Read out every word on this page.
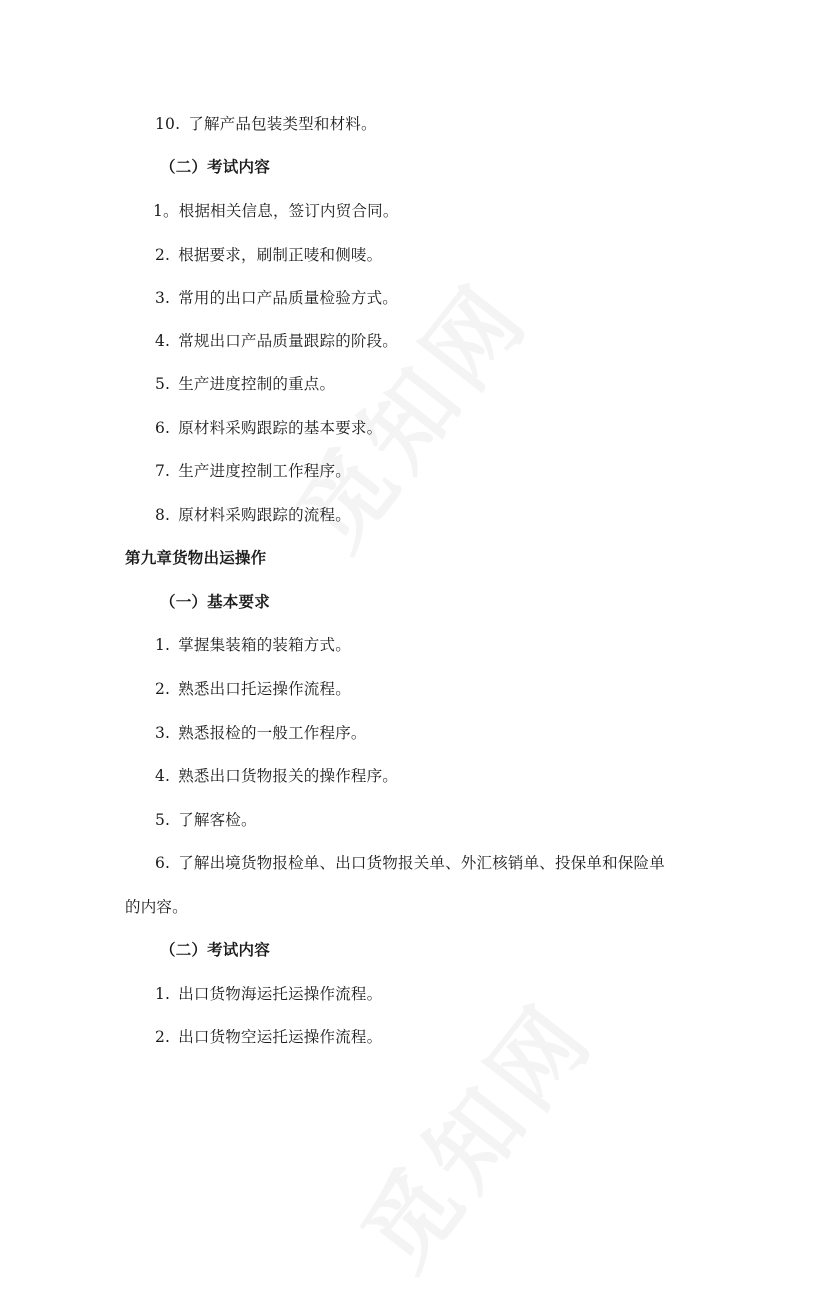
10. 了解产品包装类型和材料。
（二）考试内容
1。根据相关信息，签订内贸合同。
2. 根据要求，刷制正唛和侧唛。
3. 常用的出口产品质量检验方式。
4. 常规出口产品质量跟踪的阶段。
5. 生产进度控制的重点。
6. 原材料采购跟踪的基本要求。
7. 生产进度控制工作程序。
8. 原材料采购跟踪的流程。
第九章货物出运操作
（一）基本要求
1. 掌握集装箱的装箱方式。
2. 熟悉出口托运操作流程。
3. 熟悉报检的一般工作程序。
4. 熟悉出口货物报关的操作程序。
5. 了解客检。
6. 了解出境货物报检单、出口货物报关单、外汇核销单、投保单和保险单
的内容。
（二）考试内容
1. 出口货物海运托运操作流程。
2. 出口货物空运托运操作流程。
